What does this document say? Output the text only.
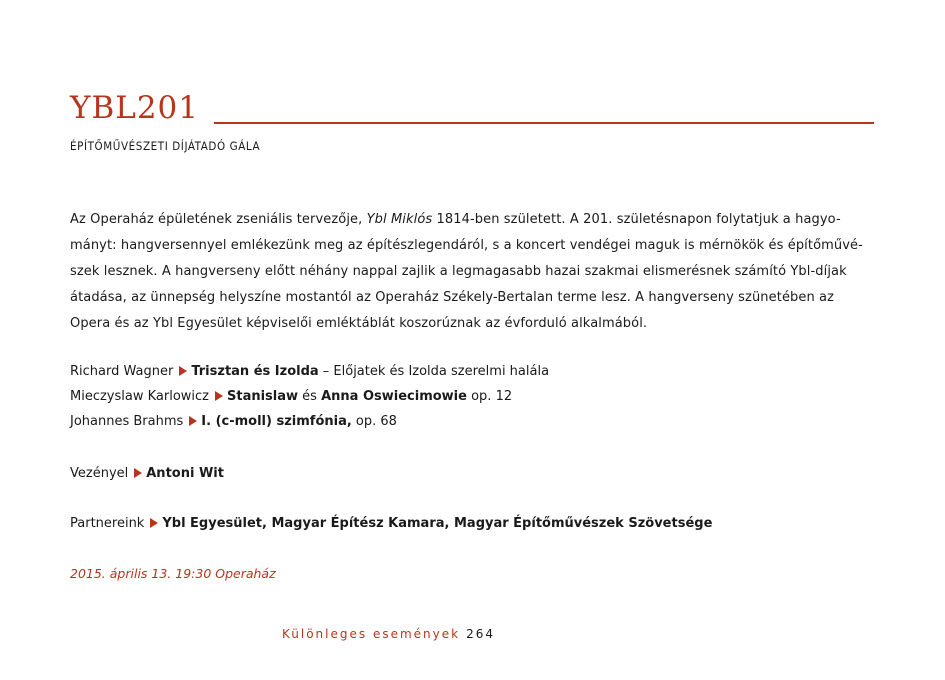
YBL201
ÉPÍTŐMŰVÉSZETI DÍJÁTADÓ GÁLA
Az Operaház épületének zseniális tervezője, Ybl Miklós 1814-ben született. A 201. születésnapon folytatjuk a hagyo-
mányt: hangversennyel emlékezünk meg az építészlegendáról, s a koncert vendégei maguk is mérnökök és építőművé-
szek lesznek. A hangverseny előtt néhány nappal zajlik a legmagasabb hazai szakmai elismerésnek számító Ybl-díjak
átadása, az ünnepség helyszíne mostantól az Operaház Székely-Bertalan terme lesz. A hangverseny szünetében az
Opera és az Ybl Egyesület képviselői emléktáblát koszorúznak az évforduló alkalmából.
Richard Wagner Trisztan és Izolda – Előjatek és Izolda szerelmi halála
Mieczyslaw Karlowicz Stanislaw és Anna Oswiecimowie op. 12
Johannes Brahms I. (c-moll) szimfónia, op. 68
Vezényel Antoni Wit
Partnereink Ybl Egyesület, Magyar Építész Kamara, Magyar Építőművészek Szövetsége
2015. április 13. 19:30 Operaház
Különleges események 264
